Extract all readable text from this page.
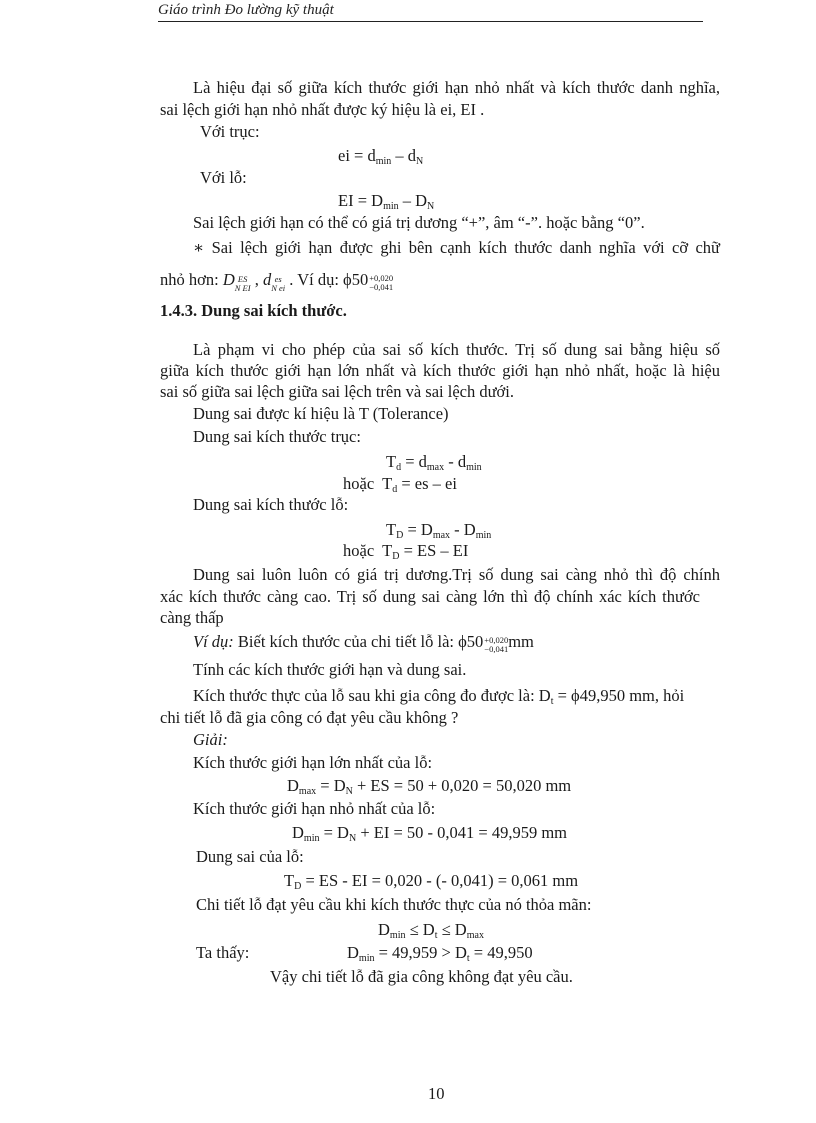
Giáo trình Đo lường kỹ thuật
Là hiệu đại số giữa kích thước giới hạn nhỏ nhất và kích thước danh nghĩa,
sai lệch giới hạn nhỏ nhất được ký hiệu là ei, EI .
Với trục:
ei = $d_{min} - d_N$
Với lỗ:
EI = $D_{min} - D_N$
Sai lệch giới hạn có thể có giá trị dương “+”, âm “-”. hoặc bằng “0”.
∗ Sai lệch giới hạn được ghi bên cạnh kích thước danh nghĩa với cỡ chữ
nhỏ hơn: D ES
N EI , d es
N ei . Ví dụ: ϕ50 +0,020
−0,041
1.4.3. Dung sai kích thước.
Là phạm vi cho phép của sai số kích thước. Trị số dung sai bằng hiệu số
giữa kích thước giới hạn lớn nhất và kích thước giới hạn nhỏ nhất, hoặc là hiệu
sai số giữa sai lệch giữa sai lệch trên và sai lệch dưới.
Dung sai được kí hiệu là T (Tolerance)
Dung sai kích thước trục:
$T_d = d_{max} - d_{min}$
hoặc $T_d$ = es – ei
Dung sai kích thước lỗ:
$T_D = D_{max} - D_{min}$
hoặc $T_D$ = ES – EI
Dung sai luôn luôn có giá trị dương.Trị số dung sai càng nhỏ thì độ chính
xác kích thước càng cao. Trị số dung sai càng lớn thì độ chính xác kích thước
càng thấp
Ví dụ: Biết kích thước của chi tiết lỗ là: ϕ50 +0,020
−0,041 mm
Tính các kích thước giới hạn và dung sai.
Kích thước thực của lỗ sau khi gia công đo được là: $D_t = \phi 49,950$ mm, hỏi
chi tiết lỗ đã gia công có đạt yêu cầu không ?
Giải:
Kích thước giới hạn lớn nhất của lỗ:
$D_{max} = D_N$ + ES = 50 + 0,020 = 50,020 mm
Kích thước giới hạn nhỏ nhất của lỗ:
$D_{min} = D_N$ + EI = 50 - 0,041 = 49,959 mm
Dung sai của lỗ:
$T_D$ = ES - EI = 0,020 - (- 0,041) = 0,061 mm
Chi tiết lỗ đạt yêu cầu khi kích thước thực của nó thỏa mãn:
$D_{min} \le D_t \le D_{max}$
Ta thấy:	$D_{min} = 49,959 > D_t = 49,950$
Vậy chi tiết lỗ đã gia công không đạt yêu cầu.
10
